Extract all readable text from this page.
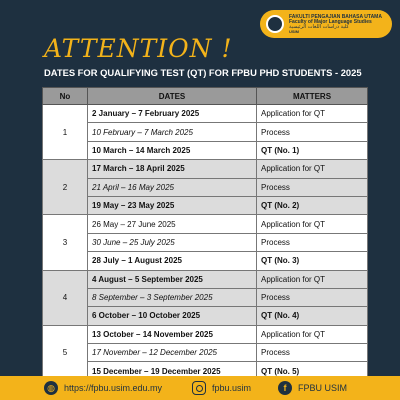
FAKULTI PENGAJIAN BAHASA UTAMA
Faculty of Major Language Studies
كلية دراسات اللغات الرئيسية
USIM
ATTENTION !
DATES FOR QUALIFYING TEST (QT) FOR FPBU PHD STUDENTS - 2025
No	DATES	MATTERS
1	2 January – 7 February 2025	Application for QT
	10 February – 7 March 2025	Process
	10 March – 14 March 2025	QT (No. 1)
2	17 March – 18 April 2025	Application for QT
	21 April – 16 May 2025	Process
	19 May – 23 May 2025	QT (No. 2)
3	26 May – 27 June 2025	Application for QT
	30 June – 25 July 2025	Process
	28 July – 1 August 2025	QT (No. 3)
4	4 August – 5 September 2025	Application for QT
	8 September – 3 September 2025	Process
	6 October – 10 October 2025	QT (No. 4)
5	13 October – 14 November 2025	Application for QT
	17 November – 12 December 2025	Process
	15 December – 19 December 2025	QT (No. 5)
◍	https://fpbu.usim.edu.my	fpbu.usim	f	FPBU USIM
